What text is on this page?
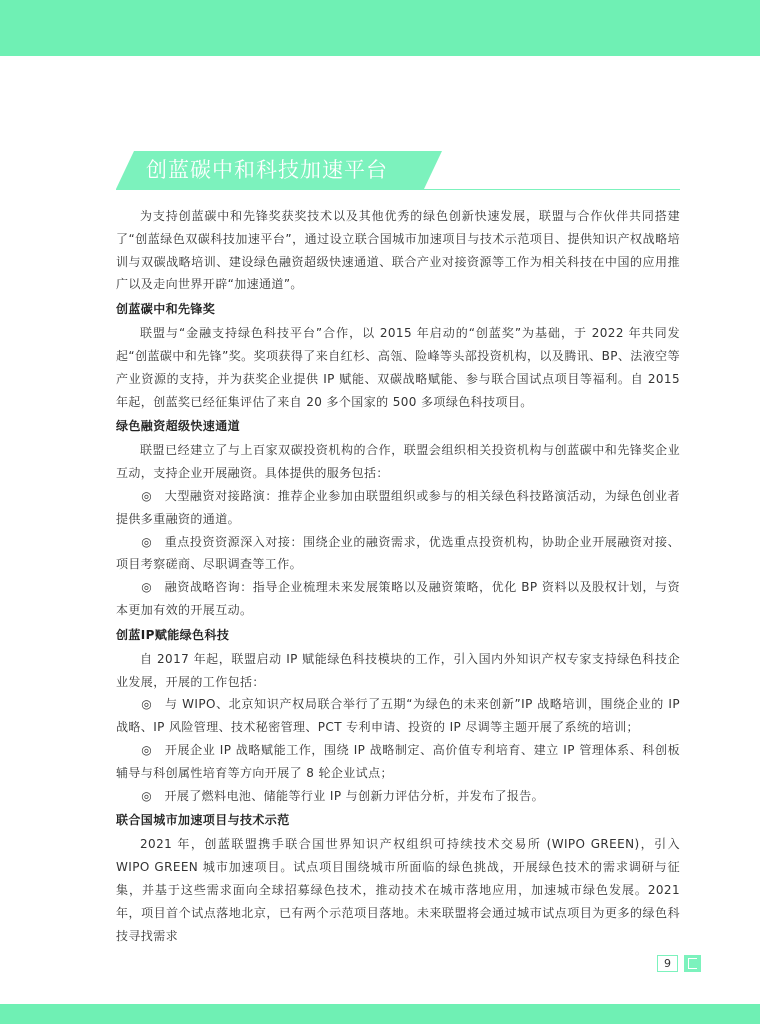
创蓝碳中和科技加速平台

为支持创蓝碳中和先锋奖获奖技术以及其他优秀的绿色创新快速发展，联盟与合作伙伴共同搭建了“创蓝绿色双碳科技加速平台”，通过设立联合国城市加速项目与技术示范项目、提供知识产权战略培训与双碳战略培训、建设绿色融资超级快速通道、联合产业对接资源等工作为相关科技在中国的应用推广以及走向世界开辟“加速通道”。

创蓝碳中和先锋奖

联盟与“金融支持绿色科技平台”合作，以 2015 年启动的“创蓝奖”为基础，于 2022 年共同发起“创蓝碳中和先锋”奖。奖项获得了来自红杉、高瓴、险峰等头部投资机构，以及腾讯、BP、法液空等产业资源的支持，并为获奖企业提供 IP 赋能、双碳战略赋能、参与联合国试点项目等福利。自 2015 年起，创蓝奖已经征集评估了来自 20 多个国家的 500 多项绿色科技项目。

绿色融资超级快速通道

联盟已经建立了与上百家双碳投资机构的合作，联盟会组织相关投资机构与创蓝碳中和先锋奖企业互动，支持企业开展融资。具体提供的服务包括：

◎　大型融资对接路演：推荐企业参加由联盟组织或参与的相关绿色科技路演活动，为绿色创业者提供多重融资的通道。

◎　重点投资资源深入对接：围绕企业的融资需求，优选重点投资机构，协助企业开展融资对接、项目考察磋商、尽职调查等工作。

◎　融资战略咨询：指导企业梳理未来发展策略以及融资策略，优化 BP 资料以及股权计划，与资本更加有效的开展互动。

创蓝IP赋能绿色科技

自 2017 年起，联盟启动 IP 赋能绿色科技模块的工作，引入国内外知识产权专家支持绿色科技企业发展，开展的工作包括：

◎　与 WIPO、北京知识产权局联合举行了五期“为绿色的未来创新”IP 战略培训，围绕企业的 IP 战略、IP 风险管理、技术秘密管理、PCT 专利申请、投资的 IP 尽调等主题开展了系统的培训；

◎　开展企业 IP 战略赋能工作，围绕 IP 战略制定、高价值专利培育、建立 IP 管理体系、科创板辅导与科创属性培育等方向开展了 8 轮企业试点；

◎　开展了燃料电池、储能等行业 IP 与创新力评估分析，并发布了报告。

联合国城市加速项目与技术示范

2021 年，创蓝联盟携手联合国世界知识产权组织可持续技术交易所 (WIPO GREEN)，引入 WIPO GREEN 城市加速项目。试点项目围绕城市所面临的绿色挑战，开展绿色技术的需求调研与征集，并基于这些需求面向全球招募绿色技术，推动技术在城市落地应用，加速城市绿色发展。2021 年，项目首个试点落地北京，已有两个示范项目落地。未来联盟将会通过城市试点项目为更多的绿色科技寻找需求

9
